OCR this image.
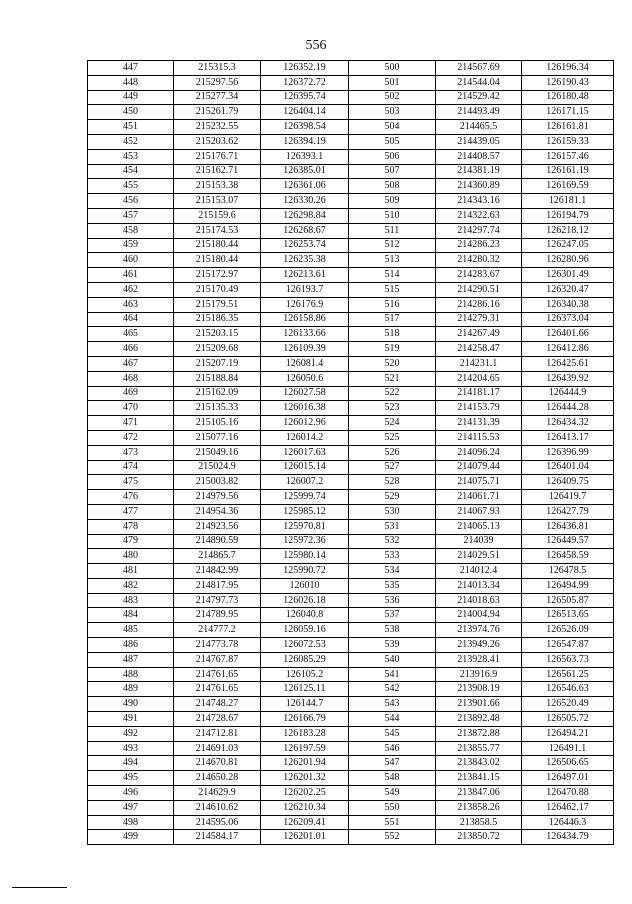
556
447	215315.3	126352.19	500	214567.69	126196.34
448	215297.56	126372.72	501	214544.04	126190.43
449	215277.34	126395.74	502	214529.42	126180.48
450	215261.79	126404.14	503	214493.49	126171.15
451	215232.55	126398.54	504	214465.5	126161.81
452	215203.62	126394.19	505	214439.05	126159.33
453	215176.71	126393.1	506	214408.57	126157.46
454	215162.71	126385.01	507	214381.19	126161.19
455	215153.38	126361.06	508	214360.89	126169.59
456	215153.07	126330.26	509	214343.16	126181.1
457	215159.6	126298.84	510	214322.63	126194.79
458	215174.53	126268.67	511	214297.74	126218.12
459	215180.44	126253.74	512	214286.23	126247.05
460	215180.44	126235.38	513	214280.32	126280.96
461	215172.97	126213.61	514	214283.67	126301.49
462	215170.49	126193.7	515	214290.51	126320.47
463	215179.51	126176.9	516	214286.16	126340.38
464	215186.35	126158.86	517	214279.31	126373.04
465	215203.15	126133.66	518	214267.49	126401.66
466	215209.68	126109.39	519	214258.47	126412.86
467	215207.19	126081.4	520	214231.1	126425.61
468	215188.84	126050.6	521	214204.65	126439.92
469	215162.09	126027.58	522	214181.17	126444.9
470	215135.33	126016.38	523	214153.79	126444.28
471	215105.16	126012.96	524	214131.39	126434.32
472	215077.16	126014.2	525	214115.53	126413.17
473	215049.16	126017.63	526	214096.24	126396.99
474	215024.9	126015.14	527	214079.44	126401.04
475	215003.82	126007.2	528	214075.71	126409.75
476	214979.56	125999.74	529	214061.71	126419.7
477	214954.36	125985.12	530	214067.93	126427.79
478	214923.56	125970.81	531	214065.13	126436.81
479	214890.59	125972.36	532	214039	126449.57
480	214865.7	125980.14	533	214029.51	126458.59
481	214842.99	125990.72	534	214012.4	126478.5
482	214817.95	126010	535	214013.34	126494.99
483	214797.73	126026.18	536	214018.63	126505.87
484	214789.95	126040.8	537	214004.94	126513.65
485	214777.2	126059.16	538	213974.76	126526.09
486	214773.78	126072.53	539	213949.26	126547.87
487	214767.87	126085.29	540	213928.41	126563.73
488	214761.65	126105.2	541	213916.9	126561.25
489	214761.65	126125.11	542	213908.19	126546.63
490	214748.27	126144.7	543	213901.66	126520.49
491	214728.67	126166.79	544	213892.48	126505.72
492	214712.81	126183.28	545	213872.88	126494.21
493	214691.03	126197.59	546	213855.77	126491.1
494	214670.81	126201.94	547	213843.02	126506.65
495	214650.28	126201.32	548	213841.15	126497.01
496	214629.9	126202.25	549	213847.06	126470.88
497	214610.62	126210.34	550	213858.26	126462.17
498	214595.06	126209.41	551	213858.5	126446.3
499	214584.17	126201.01	552	213850.72	126434.79
